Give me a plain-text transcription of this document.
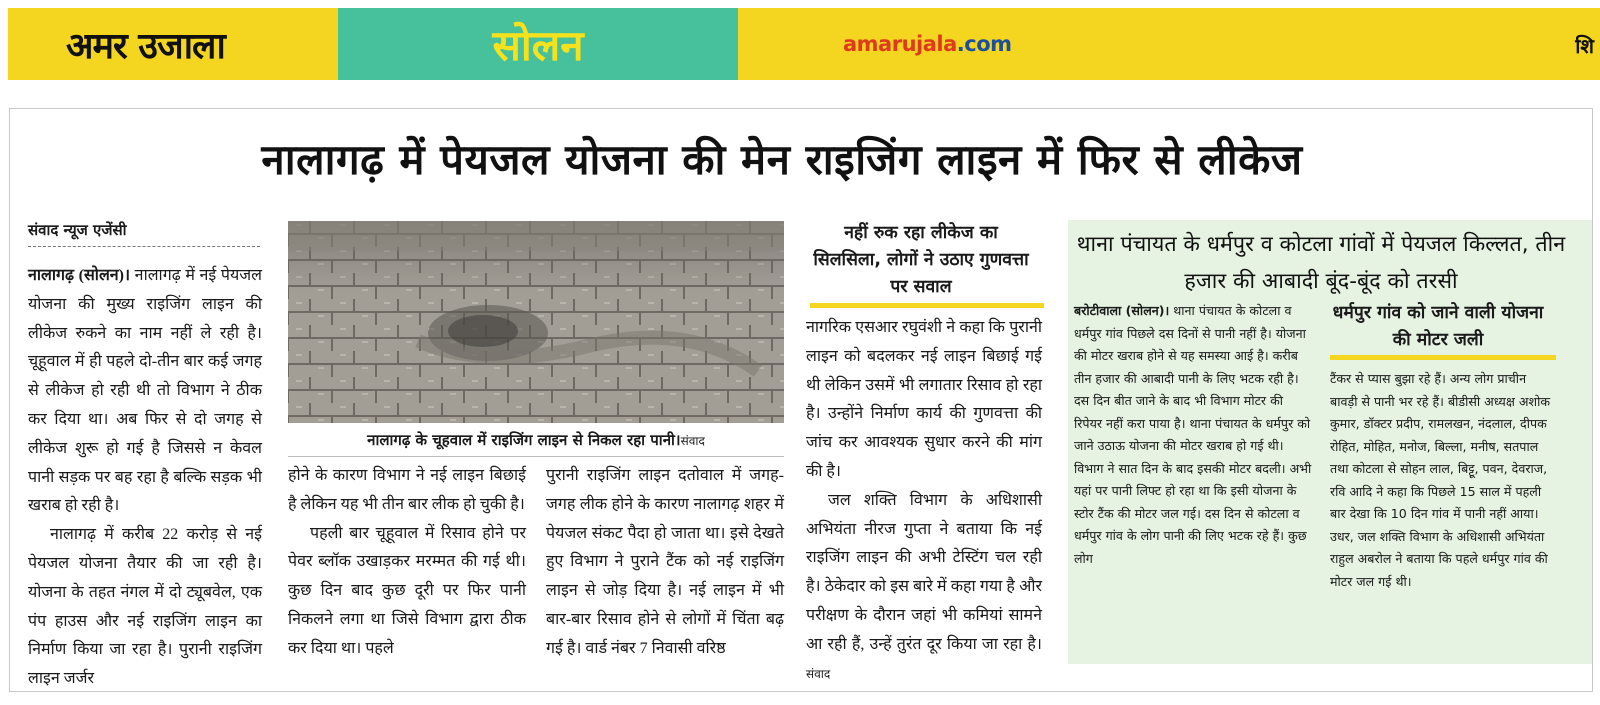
अमर उजाला	सोलन	amarujala.com	शि
नालागढ़ में पेयजल योजना की मेन राइजिंग लाइन में फिर से लीकेज
संवाद न्यूज एजेंसी

नालागढ़ (सोलन)। नालागढ़ में नई पेयजल योजना की मुख्य राइजिंग लाइन की लीकेज रुकने का नाम नहीं ले रही है। चूहूवाल में ही पहले दो-तीन बार कई जगह से लीकेज हो रही थी तो विभाग ने ठीक कर दिया था। अब फिर से दो जगह से लीकेज शुरू हो गई है जिससे न केवल पानी सड़क पर बह रहा है बल्कि सड़क भी खराब हो रही है।

नालागढ़ में करीब 22 करोड़ से नई पेयजल योजना तैयार की जा रही है। योजना के तहत नंगल में दो ट्यूबवेल, एक पंप हाउस और नई राइजिंग लाइन का निर्माण किया जा रहा है। पुरानी राइजिंग लाइन जर्जर

नालागढ़ के चूहवाल में राइजिंग लाइन से निकल रहा पानी।संवाद

होने के कारण विभाग ने नई लाइन बिछाई है लेकिन यह भी तीन बार लीक हो चुकी है।

पहली बार चूहूवाल में रिसाव होने पर पेवर ब्लॉक उखाड़कर मरम्मत की गई थी। कुछ दिन बाद कुछ दूरी पर फिर पानी निकलने लगा था जिसे विभाग द्वारा ठीक कर दिया था। पहले

पुरानी राइजिंग लाइन दतोवाल में जगह-जगह लीक होने के कारण नालागढ़ शहर में पेयजल संकट पैदा हो जाता था। इसे देखते हुए विभाग ने पुराने टैंक को नई राइजिंग लाइन से जोड़ दिया है। नई लाइन में भी बार-बार रिसाव होने से लोगों में चिंता बढ़ गई है। वार्ड नंबर 7 निवासी वरिष्ठ

नहीं रुक रहा लीकेज का सिलसिला, लोगों ने उठाए गुणवत्ता पर सवाल

नागरिक एसआर रघुवंशी ने कहा कि पुरानी लाइन को बदलकर नई लाइन बिछाई गई थी लेकिन उसमें भी लगातार रिसाव हो रहा है। उन्होंने निर्माण कार्य की गुणवत्ता की जांच कर आवश्यक सुधार करने की मांग की है।

जल शक्ति विभाग के अधिशासी अभियंता नीरज गुप्ता ने बताया कि नई राइजिंग लाइन की अभी टेस्टिंग चल रही है। ठेकेदार को इस बारे में कहा गया है और परीक्षण के दौरान जहां भी कमियां सामने आ रही हैं, उन्हें तुरंत दूर किया जा रहा है। संवाद

थाना पंचायत के धर्मपुर व कोटला गांवों में पेयजल किल्लत, तीन हजार की आबादी बूंद-बूंद को तरसी

बरोटीवाला (सोलन)। थाना पंचायत के कोटला व धर्मपुर गांव पिछले दस दिनों से पानी नहीं है। योजना की मोटर खराब होने से यह समस्या आई है। करीब तीन हजार की आबादी पानी के लिए भटक रही है। दस दिन बीत जाने के बाद भी विभाग मोटर की रिपेयर नहीं करा पाया है। थाना पंचायत के धर्मपुर को जाने उठाऊ योजना की मोटर खराब हो गई थी। विभाग ने सात दिन के बाद इसकी मोटर बदली। अभी यहां पर पानी लिफ्ट हो रहा था कि इसी योजना के स्टोर टैंक की मोटर जल गई। दस दिन से कोटला व धर्मपुर गांव के लोग पानी की लिए भटक रहे हैं। कुछ लोग

धर्मपुर गांव को जाने वाली योजना की मोटर जली

टैंकर से प्यास बुझा रहे हैं। अन्य लोग प्राचीन बावड़ी से पानी भर रहे हैं। बीडीसी अध्यक्ष अशोक कुमार, डॉक्टर प्रदीप, रामलखन, नंदलाल, दीपक रोहित, मोहित, मनोज, बिल्ला, मनीष, सतपाल तथा कोटला से सोहन लाल, बिट्टू, पवन, देवराज, रवि आदि ने कहा कि पिछले 15 साल में पहली बार देखा कि 10 दिन गांव में पानी नहीं आया। उधर, जल शक्ति विभाग के अधिशासी अभियंता राहुल अबरोल ने बताया कि पहले धर्मपुर गांव की मोटर जल गई थी।
